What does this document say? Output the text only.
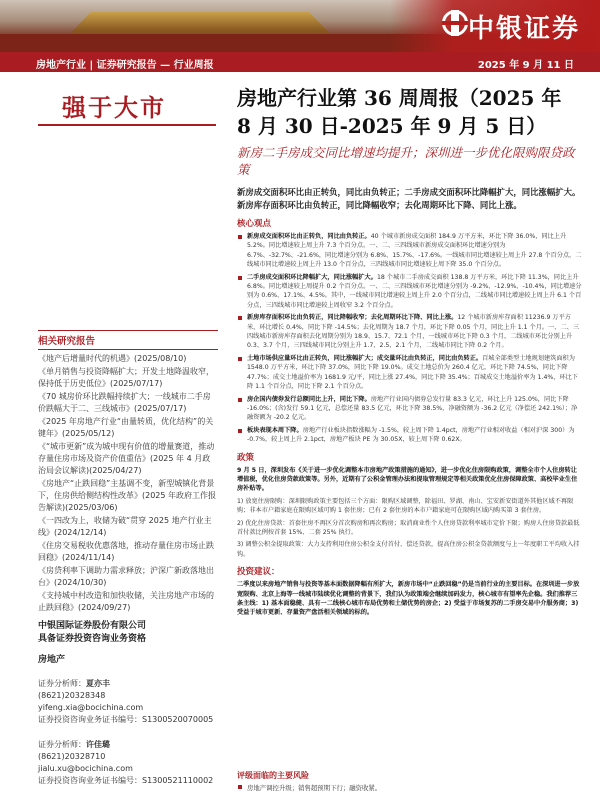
中银证券
房地产行业 | 证券研究报告 — 行业周报	2025 年 9 月 11 日
强于大市
相关研究报告
《地产后增量时代的机遇》(2025/08/10)
《单月销售与投资降幅扩大；开发土地降温收窄，保持低于历史低位》(2025/07/17)
《70 城房价环比跌幅持续扩大；一线城市二手房价跌幅大于二、三线城市》(2025/07/17)
《2025 年房地产行业“由量转质，优化结构”的关键年》(2025/05/12)
《“城市更新”成为城中现有价值的增量赛道，推动存量住房市场及资产价值重估》(2025 年 4 月政治局会议解读)(2025/04/27)
《房地产“止跌回稳”主基调不变，新型城镇化背景下，住房供给侧结构性改革》(2025 年政府工作报告解读)(2025/03/06)
《一四改为上，收储为破“贯穿 2025 地产行业主线》(2024/12/14)
《住房交易税收优惠落地，推动存量住房市场止跌回稳》(2024/11/14)
《房贷利率下调助力需求释放；沪深广新政落地出台》(2024/10/30)
《支持城中村改造和加快收储，关注房地产市场的止跌回稳》(2024/09/27)
中银国际证券股份有限公司
具备证券投资咨询业务资格
房地产
证券分析师：夏亦丰
(8621)20328348
yifeng.xia@bocichina.com
证券投资咨询业务证书编号：S1300520070005
证券分析师：许佳璐
(8621)20328710
jialu.xu@bocichina.com
证券投资咨询业务证书编号：S1300521110002
房地产行业第 36 周周报（2025 年 8 月 30 日-2025 年 9 月 5 日）
新房二手房成交同比增速均提升；深圳进一步优化限购限贷政策
新房成交面积环比由正转负，同比由负转正；二手房成交面积环比降幅扩大，同比涨幅扩大。新房库存面积环比由负转正，同比降幅收窄；去化周期环比下降、同比上涨。
核心观点
新房成交面积环比由正转负，同比由负转正。40 个城市新房成交面积 184.9 万平方米，环比下降 36.0%，同比上升 5.2%。同比增速较上周上升 7.3 个百分点。一、二、三四线城市新房成交面积环比增速分别为 6.7%、-32.7%、-21.6%，同比增速分别为 6.8%、15.7%、-17.6%。一线城市同比增速较上周上升 27.8 个百分点，二线城市同比增速较上周上升 13.0 个百分点，三四线城市同比增速较上周下降 35.0 个百分点。
二手房成交面积环比降幅扩大，同比涨幅扩大。18 个城市二手房成交面积 138.8 万平方米，环比下降 11.3%，同比上升 6.8%。同比增速较上周提升 0.2 个百分点。一、二、三四线城市环比增速分别为 -9.2%、-12.9%、-10.4%，同比增速分别为 0.6%、17.1%、4.5%。其中，一线城市同比增速较上周上升 2.0 个百分点，二线城市同比增速较上周上升 6.1 个百分点，三四线城市同比增速较上周收窄 3.2 个百分点。
新房库存面积环比由负转正，同比降幅收窄；去化周期环比下降、同比上涨。12 个城市新房库存面积 11236.9 万平方米，环比增长 0.4%，同比下降 -14.5%；去化周期为 18.7 个月，环比下降 0.05 个月，同比上升 1.1 个月。一、二、三四线城市新房库存面积去化周期分别为 18.9、15.7、72.1 个月，一线城市环比下降 0.3 个月，二线城市环比分别上升 0.3、3.7 个月，三四线城市同比分别上升 1.7、2.5、2.1 个月，二线城市同比下降 0.2 个月。
土地市场供应量环比由正转负，同比涨幅扩大；成交量环比由负转正，同比由负转正。百城全部类型土地规划建筑面积为 1548.0 万平方米，环比下降 37.0%，同比下降 19.0%。成交土地总价为 260.4 亿元，环比下降 74.5%，同比下降 47.7%；成交土地溢价率为 1681.9 元/平，同比上涨 27.4%，同比下降 35.4%；百城成交土地溢价率为 1.4%，环比下降 1.1 个百分点，同比下降 2.1 个百分点。
房企国内债券发行总额同比上升，同比下降。房地产行业国内债券总发行量 83.3 亿元，环比上升 125.0%，同比下降 -16.0%；(含)发行 59.1 亿元，总偿还量 83.5 亿元，环比下降 38.5%，净融资额为 -36.2 亿元（净偿还 242.1%）；净融资额为 -20.2 亿元。
板块表现本周下降。房地产行业板块指数涨幅为 -1.5%，较上周下降 1.4pct，房地产行业相对收益（相对沪深 300）为 -0.7%，较上周上升 2.1pct，房地产板块 PE 为 30.05X，较上周下降 0.62X。
政策
9 月 5 日，深圳发布《关于进一步优化调整本市房地产政策措施的通知》，进一步优化住房限购政策，调整全市个人住房转让增值税，优化住房贷款政策等。另外，近期有了公积金管理办法和提取管理规定等相关政策优化住房保障政策、高校毕业生住房补贴等。
1) 放宽住房限购：深圳限购政策主要包括三个方面：限购区域调整，除福田、罗湖、南山、宝安新安街道外其他区域不再限购；非本市户籍家庭在限购区域可购 1 套住房；已有 2 套住房的本市户籍家庭可在限购区域内购买第 3 套住房。
2) 优化住房贷款：首套住房不再区分首次购房和再次购房；取消商业性个人住房贷款利率城市定价下限；购房人住房贷款最低首付款比例按首套 15%、二套 25% 执行。
3) 调整公积金提取政策：大力支持利用住房公积金支付首付、偿还贷款，提高住房公积金贷款额度与上一年度职工平均收入挂钩。
投资建议：
二季度以来房地产销售与投资等基本面数据降幅有所扩大，新房市场中“止跌回稳”仍是当前行业的主要目标。在深圳进一步放宽限购、北京上海等一线城市陆续优化调整的背景下，我们认为政策端会继续加码发力，核心城市有望率先企稳。我们推荐三条主线：1) 基本面稳健、具有一二线核心城市布局优势和土储优势的房企；2) 受益于市场复苏的二手房交易中介服务商；3) 受益于城市更新、存量资产盘活相关领域的标的。
评级面临的主要风险
房地产调控升级；销售超预期下行；融资收紧。
